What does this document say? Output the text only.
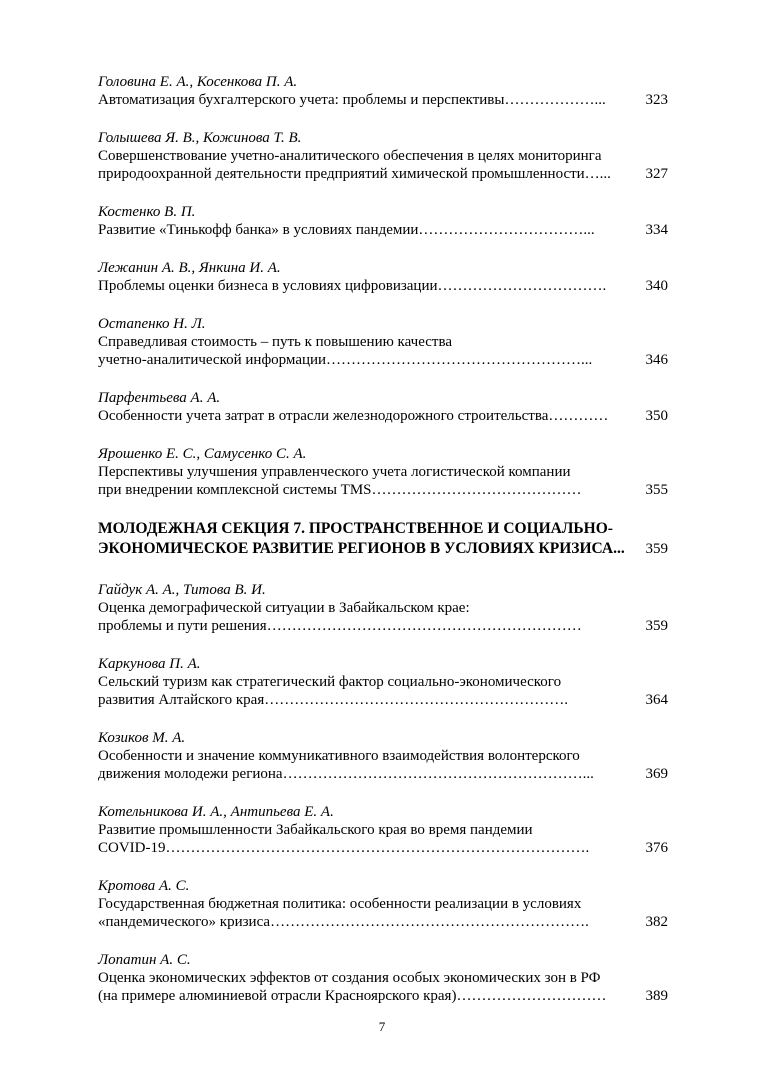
Головина Е. А., Косенкова П. А.
Автоматизация бухгалтерского учета: проблемы и перспективы………………...	323
Голышева Я. В., Кожинова Т. В.
Совершенствование учетно-аналитического обеспечения в целях мониторинга
природоохранной деятельности предприятий химической промышленности…...	327
Костенко В. П.
Развитие «Тинькофф банка» в условиях пандемии……………………………...	334
Лежанин А. В., Янкина И. А.
Проблемы оценки бизнеса в условиях цифровизации…………………………….	340
Остапенко Н. Л.
Справедливая стоимость – путь к повышению качества
учетно-аналитической информации……………………………………………...	346
Парфентьева А. А.
Особенности учета затрат в отрасли железнодорожного строительства…………	350
Ярошенко Е. С., Самусенко С. А.
Перспективы улучшения управленческого учета логистической компании
при внедрении комплексной системы TMS……………………………………	355
МОЛОДЕЖНАЯ СЕКЦИЯ 7. ПРОСТРАНСТВЕННОЕ И СОЦИАЛЬНО-
ЭКОНОМИЧЕСКОЕ РАЗВИТИЕ РЕГИОНОВ В УСЛОВИЯХ КРИЗИСА...	359
Гайдук А. А., Титова В. И.
Оценка демографической ситуации в Забайкальском крае:
проблемы и пути решения………………………………………………………	359
Каркунова П. А.
Сельский туризм как стратегический фактор социально-экономического
развития Алтайского края…………………………………………………….	364
Козиков М. А.
Особенности и значение коммуникативного взаимодействия волонтерского
движения молодежи региона……………………………………………………...	369
Котельникова И. А., Антипьева Е. А.
Развитие промышленности Забайкальского края во время пандемии
COVID-19………………………………………………………………………….	376
Кротова А. С.
Государственная бюджетная политика: особенности реализации в условиях
«пандемического» кризиса……………………………………………………….	382
Лопатин А. С.
Оценка экономических эффектов от создания особых экономических зон в РФ
(на примере алюминиевой отрасли Красноярского края)…………………………	389
7
